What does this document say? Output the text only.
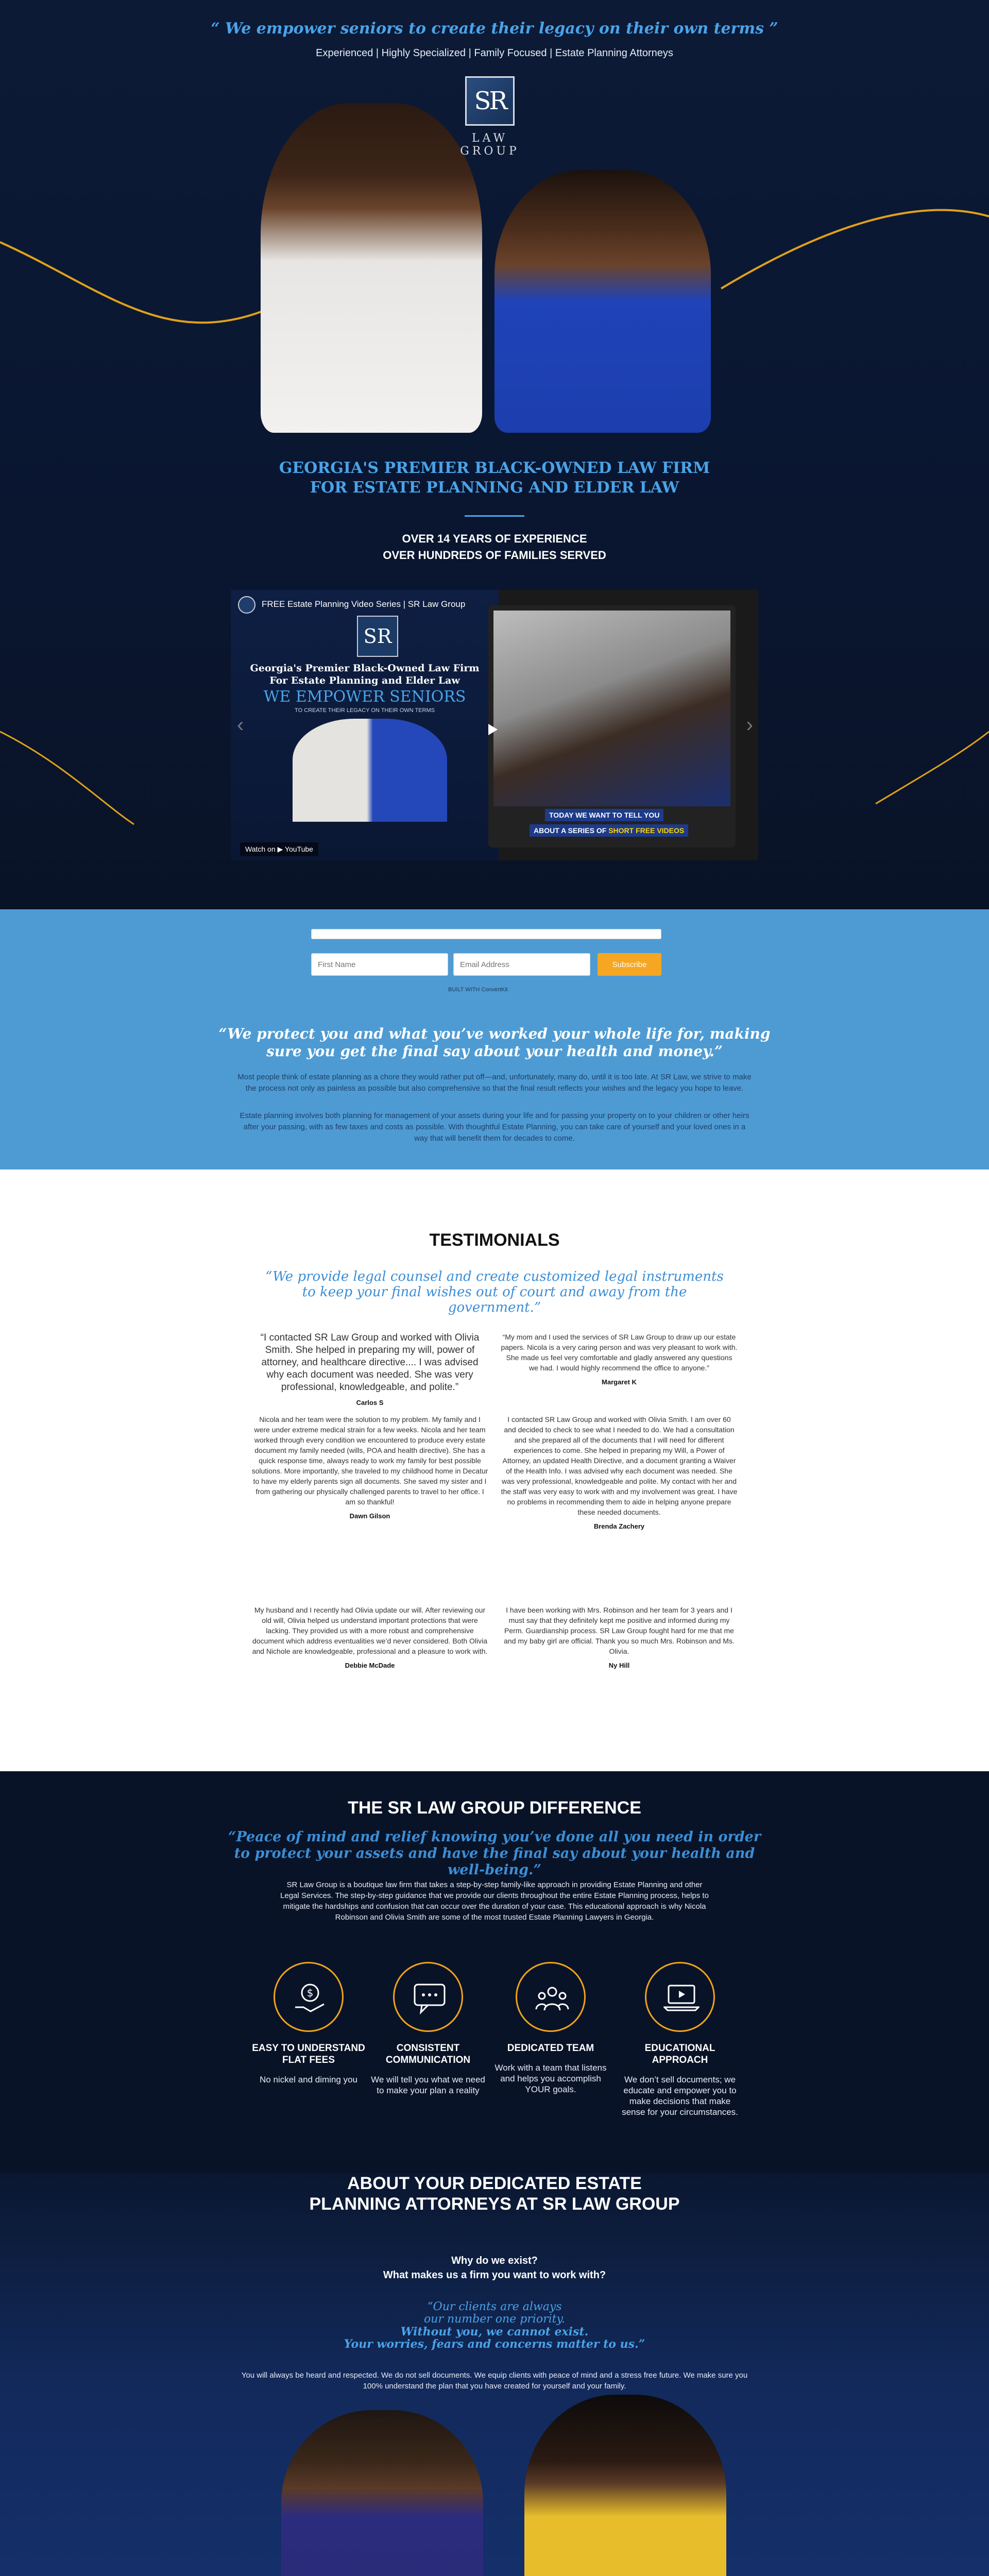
“ We empower seniors to create their legacy on their own terms ”
Experienced | Highly Specialized | Family Focused | Estate Planning Attorneys
SR
LAW GROUP
GEORGIA'S PREMIER BLACK-OWNED LAW FIRM
FOR ESTATE PLANNING AND ELDER LAW
OVER 14 YEARS OF EXPERIENCE
OVER HUNDREDS OF FAMILIES SERVED
FREE Estate Planning Video Series | SR Law Group
SR
Georgia's Premier Black-Owned Law Firm
For Estate Planning and Elder Law
WE EMPOWER SENIORS
TO CREATE THEIR LEGACY ON THEIR OWN TERMS
Watch on ▶ YouTube
TODAY WE WANT TO TELL YOU
ABOUT A SERIES OF SHORT FREE VIDEOS
‹	›
First Name
Email Address
Subscribe
BUILT WITH ConvertKit
“We protect you and what you’ve worked your whole life for, making sure you get the final say about your health and money.”
Most people think of estate planning as a chore they would rather put off—and, unfortunately, many do, until it is too late. At SR Law, we strive to make the process not only as painless as possible but also comprehensive so that the final result reflects your wishes and the legacy you hope to leave.
Estate planning involves both planning for management of your assets during your life and for passing your property on to your children or other heirs after your passing, with as few taxes and costs as possible. With thoughtful Estate Planning, you can take care of yourself and your loved ones in a way that will benefit them for decades to come.
TESTIMONIALS
“We provide legal counsel and create customized legal instruments to keep your final wishes out of court and away from the government.”

“I contacted SR Law Group and worked with Olivia Smith. She helped in preparing my will, power of attorney, and healthcare directive.... I was advised why each document was needed. She was very professional, knowledgeable, and polite.”

Carlos S

“My mom and I used the services of SR Law Group to draw up our estate papers. Nicola is a very caring person and was very pleasant to work with. She made us feel very comfortable and gladly answered any questions we had. I would highly recommend the office to anyone.”

Margaret K

Nicola and her team were the solution to my problem. My family and I were under extreme medical strain for a few weeks. Nicola and her team worked through every condition we encountered to produce every estate document my family needed (wills, POA and health directive). She has a quick response time, always ready to work my family for best possible solutions. More importantly, she traveled to my childhood home in Decatur to have my elderly parents sign all documents. She saved my sister and I from gathering our physically challenged parents to travel to her office. I am so thankful!

Dawn Gilson

I contacted SR Law Group and worked with Olivia Smith. I am over 60 and decided to check to see what I needed to do. We had a consultation and she prepared all of the documents that I will need for different experiences to come. She helped in preparing my Will, a Power of Attorney, an updated Health Directive, and a document granting a Waiver of the Health Info. I was advised why each document was needed. She was very professional, knowledgeable and polite. My contact with her and the staff was very easy to work with and my involvement was great. I have no problems in recommending them to aide in helping anyone prepare these needed documents.

Brenda Zachery

My husband and I recently had Olivia update our will. After reviewing our old will, Olivia helped us understand important protections that were lacking. They provided us with a more robust and comprehensive document which address eventualities we’d never considered. Both Olivia and Nichole are knowledgeable, professional and a pleasure to work with.

Debbie McDade

I have been working with Mrs. Robinson and her team for 3 years and I must say that they definitely kept me positive and informed during my Perm. Guardianship process. SR Law Group fought hard for me that me and my baby girl are official. Thank you so much Mrs. Robinson and Ms. Olivia.

Ny Hill
THE SR LAW GROUP DIFFERENCE
“Peace of mind and relief knowing you’ve done all you need in order to protect your assets and have the final say about your health and well-being.”
SR Law Group is a boutique law firm that takes a step-by-step family-like approach in providing Estate Planning and other Legal Services. The step-by-step guidance that we provide our clients throughout the entire Estate Planning process, helps to mitigate the hardships and confusion that can occur over the duration of your case. This educational approach is why Nicola Robinson and Olivia Smith are some of the most trusted Estate Planning Lawyers in Georgia.
$
EASY TO UNDERSTAND FLAT FEES

No nickel and diming you

CONSISTENT COMMUNICATION

We will tell you what we need to make your plan a reality

DEDICATED TEAM

Work with a team that listens and helps you accomplish YOUR goals.

EDUCATIONAL APPROACH

We don’t sell documents; we educate and empower you to make decisions that make sense for your circumstances.

ABOUT YOUR DEDICATED ESTATE
PLANNING ATTORNEYS AT SR LAW GROUP
Why do we exist?
What makes us a firm you want to work with?
“Our clients are always
our number one priority.
Without you, we cannot exist.
Your worries, fears and concerns matter to us.”
You will always be heard and respected. We do not sell documents. We equip clients with peace of mind and a stress free future. We make sure you 100% understand the plan that you have created for yourself and your family.
